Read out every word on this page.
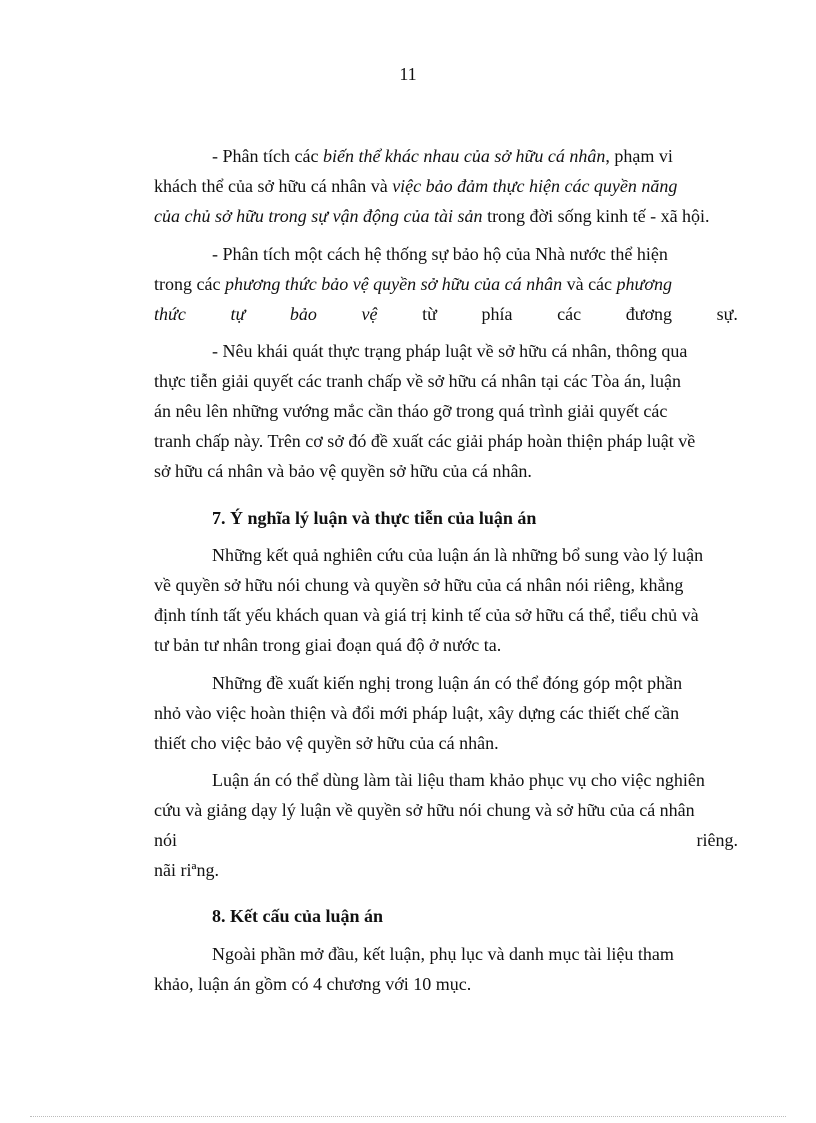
11
- Phân tích các biến thể khác nhau của sở hữu cá nhân, phạm vi
khách thể của sở hữu cá nhân và việc bảo đảm thực hiện các quyền năng
của chủ sở hữu trong sự vận động của tài sản trong đời sống kinh tế - xã hội.
- Phân tích một cách hệ thống sự bảo hộ của Nhà nước thể hiện
trong các phương thức bảo vệ quyền sở hữu của cá nhân và các phương
thức tự bảo vệ từ phía các đương sự.
- Nêu khái quát thực trạng pháp luật về sở hữu cá nhân, thông qua
thực tiễn giải quyết các tranh chấp về sở hữu cá nhân tại các Tòa án, luận
án nêu lên những vướng mắc cần tháo gỡ trong quá trình giải quyết các
tranh chấp này. Trên cơ sở đó đề xuất các giải pháp hoàn thiện pháp luật về
sở hữu cá nhân và bảo vệ quyền sở hữu của cá nhân.
7. Ý nghĩa lý luận và thực tiễn của luận án
Những kết quả nghiên cứu của luận án là những bổ sung vào lý luận
về quyền sở hữu nói chung và quyền sở hữu của cá nhân nói riêng, khẳng
định tính tất yếu khách quan và giá trị kinh tế của sở hữu cá thể, tiểu chủ và
tư bản tư nhân trong giai đoạn quá độ ở nước ta.
Những đề xuất kiến nghị trong luận án có thể đóng góp một phần
nhỏ vào việc hoàn thiện và đổi mới pháp luật, xây dựng các thiết chế cần
thiết cho việc bảo vệ quyền sở hữu của cá nhân.
Luận án có thể dùng làm tài liệu tham khảo phục vụ cho việc nghiên
cứu và giảng dạy lý luận về quyền sở hữu nói chung và sở hữu của cá nhân
nói	riêng.
nãi r‍iªng.
8. Kết cấu của luận án
Ngoài phần mở đầu, kết luận, phụ lục và danh mục tài liệu tham
khảo, luận án gồm có 4 chương với 10 mục.
